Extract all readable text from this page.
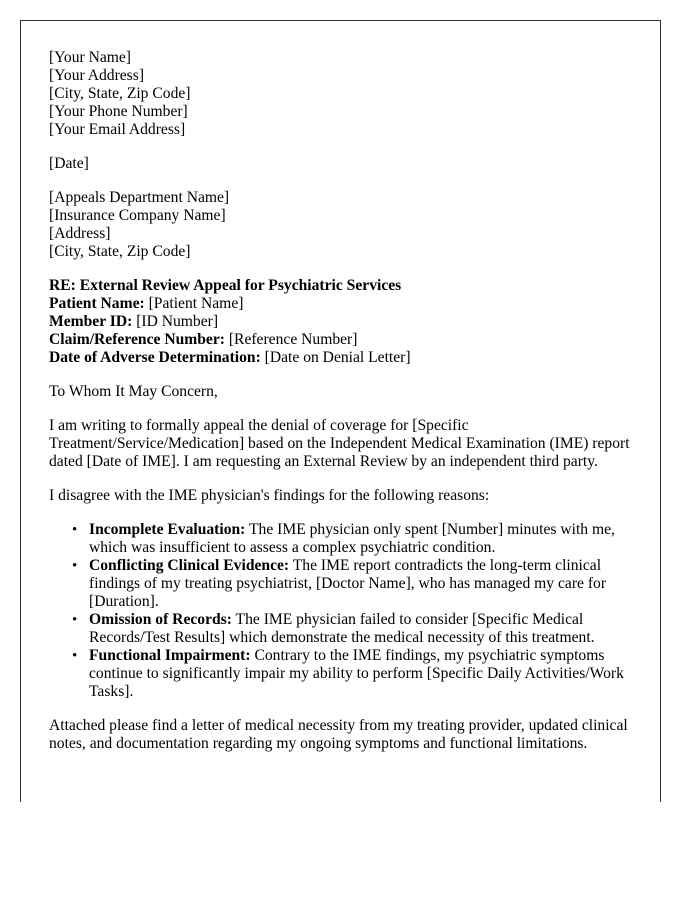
[Your Name]
[Your Address]
[City, State, Zip Code]
[Your Phone Number]
[Your Email Address]
[Date]
[Appeals Department Name]
[Insurance Company Name]
[Address]
[City, State, Zip Code]
RE: External Review Appeal for Psychiatric Services
Patient Name: [Patient Name]
Member ID: [ID Number]
Claim/Reference Number: [Reference Number]
Date of Adverse Determination: [Date on Denial Letter]

To Whom It May Concern,

I am writing to formally appeal the denial of coverage for [Specific Treatment/Service/Medication] based on the Independent Medical Examination (IME) report dated [Date of IME]. I am requesting an External Review by an independent third party.

I disagree with the IME physician's findings for the following reasons:

• Incomplete Evaluation: The IME physician only spent [Number] minutes with me, which was insufficient to assess a complex psychiatric condition.
• Conflicting Clinical Evidence: The IME report contradicts the long-term clinical findings of my treating psychiatrist, [Doctor Name], who has managed my care for [Duration].
• Omission of Records: The IME physician failed to consider [Specific Medical Records/Test Results] which demonstrate the medical necessity of this treatment.
• Functional Impairment: Contrary to the IME findings, my psychiatric symptoms continue to significantly impair my ability to perform [Specific Daily Activities/Work Tasks].

Attached please find a letter of medical necessity from my treating provider, updated clinical notes, and documentation regarding my ongoing symptoms and functional limitations.
